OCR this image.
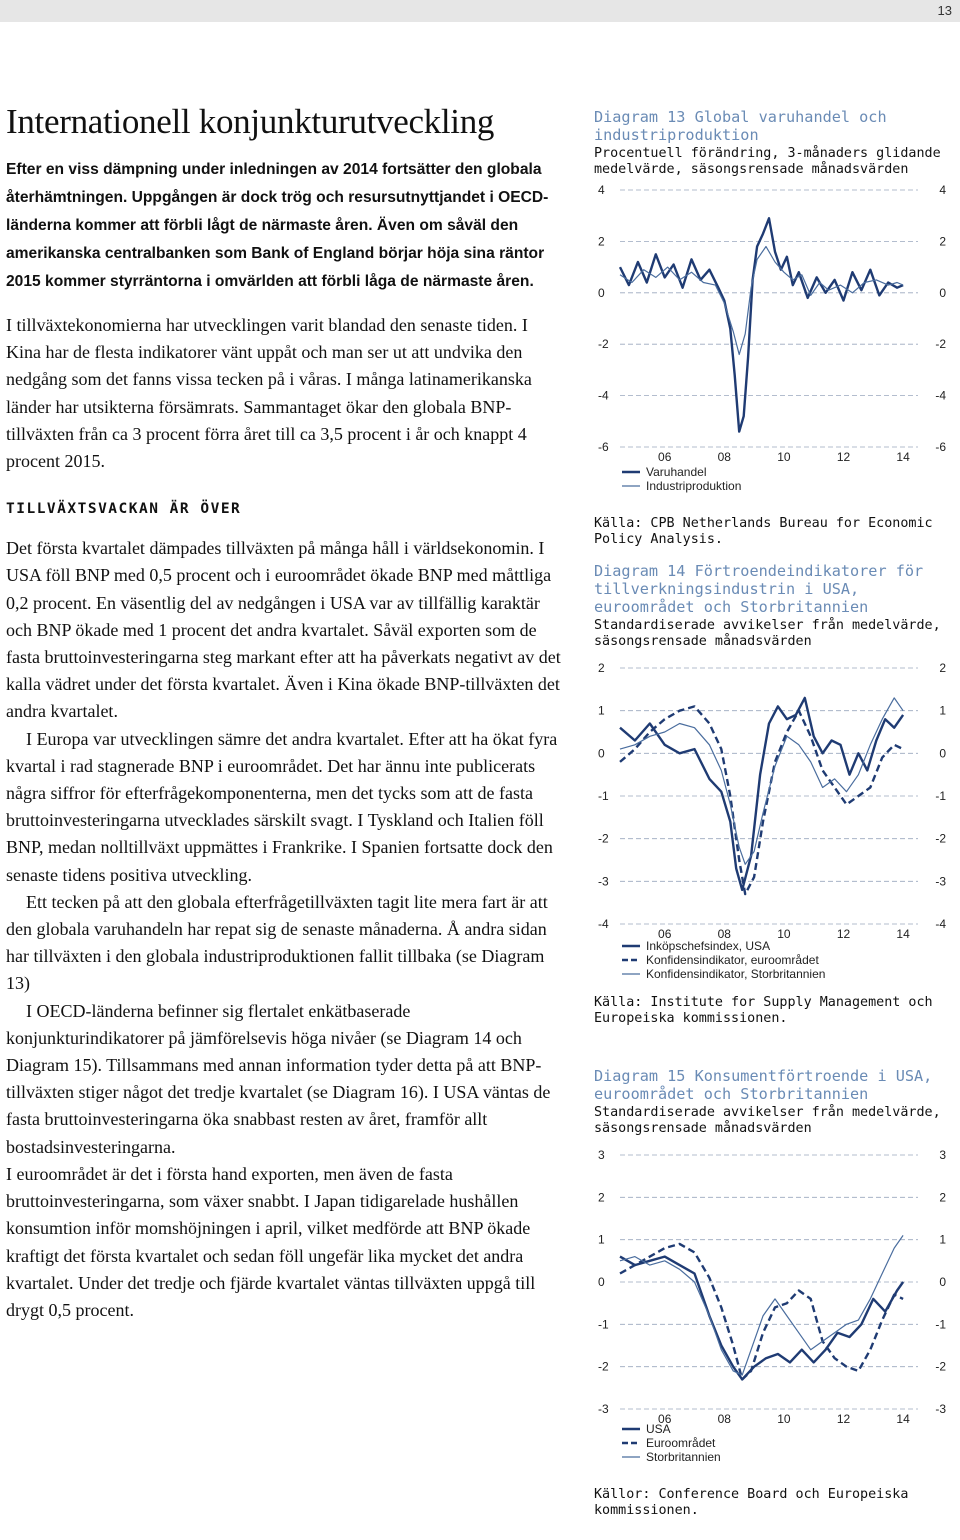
13
Internationell konjunkturutveckling

Efter en viss dämpning under inledningen av 2014 fortsätter den globala återhämtningen. Uppgången är dock trög och resursutnyttjandet i OECD-länderna kommer att förbli lågt de närmaste åren. Även om såväl den amerikanska centralbanken som Bank of England börjar höja sina räntor 2015 kommer styrräntorna i omvärlden att förbli låga de närmaste åren.

I tillväxtekonomierna har utvecklingen varit blandad den senaste tiden. I Kina har de flesta indikatorer vänt uppåt och man ser ut att undvika den nedgång som det fanns vissa tecken på i våras. I många latinamerikanska länder har utsikterna försämrats. Sammantaget ökar den globala BNP-tillväxten från ca 3 procent förra året till ca 3,5 procent i år och knappt 4 procent 2015.

TILLVÄXTSVACKAN ÄR ÖVER

Det första kvartalet dämpades tillväxten på många håll i världsekonomin. I USA föll BNP med 0,5 procent och i euroområdet ökade BNP med måttliga 0,2 procent. En väsentlig del av nedgången i USA var av tillfällig karaktär och BNP ökade med 1 procent det andra kvartalet. Såväl exporten som de fasta bruttoinvesteringarna steg markant efter att ha påverkats negativt av det kalla vädret under det första kvartalet. Även i Kina ökade BNP-tillväxten det andra kvartalet.

I Europa var utvecklingen sämre det andra kvartalet. Efter att ha ökat fyra kvartal i rad stagnerade BNP i euroområdet. Det har ännu inte publicerats några siffror för efterfrågekomponenterna, men det tycks som att de fasta bruttoinvesteringarna utvecklades särskilt svagt. I Tyskland och Italien föll BNP, medan nolltillväxt uppmättes i Frankrike. I Spanien fortsatte dock den senaste tidens positiva utveckling.

Ett tecken på att den globala efterfrågetillväxten tagit lite mera fart är att den globala varuhandeln har repat sig de senaste månaderna. Å andra sidan har tillväxten i den globala industriproduktionen fallit tillbaka (se Diagram 13)

I OECD-länderna befinner sig flertalet enkätbaserade konjunkturindikatorer på jämförelsevis höga nivåer (se Diagram 14 och Diagram 15). Tillsammans med annan information tyder detta på att BNP-tillväxten stiger något det tredje kvartalet (se Diagram 16). I USA väntas de fasta bruttoinvesteringarna öka snabbast resten av året, framför allt bostadsinvesteringarna.

I euroområdet är det i första hand exporten, men även de fasta bruttoinvesteringarna, som växer snabbt. I Japan tidigarelade hushållen konsumtion inför momshöjningen i april, vilket medförde att BNP ökade kraftigt det första kvartalet och sedan föll ungefär lika mycket det andra kvartalet. Under det tredje och fjärde kvartalet väntas tillväxten uppgå till drygt 0,5 procent.

Diagram 13 Global varuhandel och industriproduktion

Procentuell förändring, 3-månaders glidande medelvärde, säsongsrensade månadsvärden

4	4
2	2
0	0
-2	-2
-4	-4
-6	-6
06	08	10	12	14
Varuhandel
Industriproduktion

Källa: CPB Netherlands Bureau for Economic Policy Analysis.

Diagram 14 Förtroendeindikatorer för tillverkningsindustrin i USA, euroområdet och Storbritannien

Standardiserade avvikelser från medelvärde, säsongsrensade månadsvärden

2	2
1	1
0	0
-1	-1
-2	-2
-3	-3
-4	-4
06	08	10	12	14
Inköpschefsindex, USA
Konfidensindikator, euroområdet
Konfidensindikator, Storbritannien

Källa: Institute for Supply Management och Europeiska kommissionen.

Diagram 15 Konsumentförtroende i USA, euroområdet och Storbritannien

Standardiserade avvikelser från medelvärde, säsongsrensade månadsvärden

3	3
2	2
1	1
0	0
-1	-1
-2	-2
-3	-3
06	08	10	12	14
USA
Euroområdet
Storbritannien

Källor: Conference Board och Europeiska kommissionen.
